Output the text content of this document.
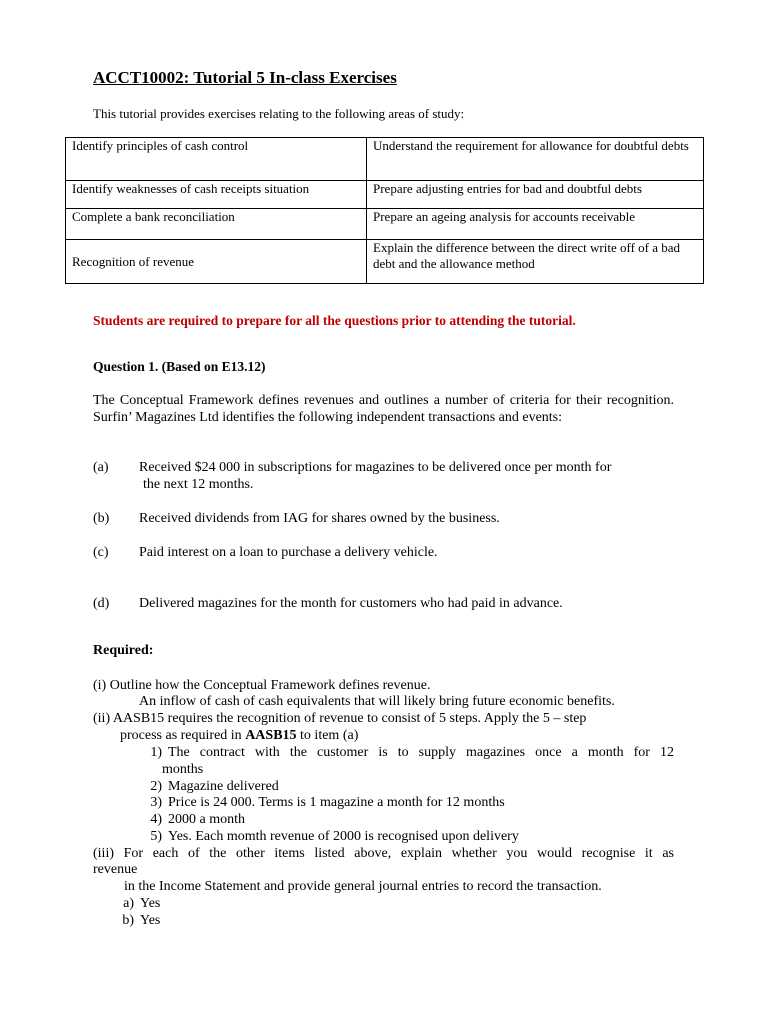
ACCT10002: Tutorial 5 In-class Exercises
This tutorial provides exercises relating to the following areas of study:
Identify principles of cash control	Understand the requirement for allowance for doubtful debts
Identify weaknesses of cash receipts situation	Prepare adjusting entries for bad and doubtful debts
Complete a bank reconciliation	Prepare an ageing analysis for accounts receivable
Recognition of revenue	Explain the difference between the direct write off of a bad debt and the allowance method
Students are required to prepare for all the questions prior to attending the tutorial.
Question 1. (Based on E13.12)
The Conceptual Framework defines revenues and outlines a number of criteria for their recognition. Surfin’ Magazines Ltd identifies the following independent transactions and events:
(a) Received $24 000 in subscriptions for magazines to be delivered once per month for
the next 12 months.
(b) Received dividends from IAG for shares owned by the business.
(c) Paid interest on a loan to purchase a delivery vehicle.
(d) Delivered magazines for the month for customers who had paid in advance.
Required:
(i) Outline how the Conceptual Framework defines revenue.
An inflow of cash of cash equivalents that will likely bring future economic benefits.
(ii) AASB15 requires the recognition of revenue to consist of 5 steps. Apply the 5 – step
process as required in AASB15 to item (a)
1) The contract with the customer is to supply magazines once a month for 12
months
2) Magazine delivered
3) Price is 24 000. Terms is 1 magazine a month for 12 months
4) 2000 a month
5) Yes. Each momth revenue of 2000 is recognised upon delivery
(iii) For each of the other items listed above, explain whether you would recognise it as
revenue
in the Income Statement and provide general journal entries to record the transaction.
a) Yes
b) Yes
